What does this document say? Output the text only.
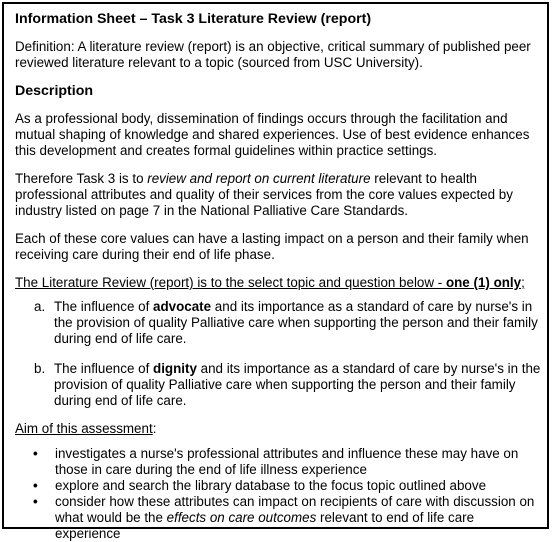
Information Sheet – Task 3 Literature Review (report)
Definition: A literature review (report) is an objective, critical summary of published peer reviewed literature relevant to a topic (sourced from USC University).
Description
As a professional body, dissemination of findings occurs through the facilitation and mutual shaping of knowledge and shared experiences. Use of best evidence enhances this development and creates formal guidelines within practice settings.
Therefore Task 3 is to review and report on current literature relevant to health professional attributes and quality of their services from the core values expected by industry listed on page 7 in the National Palliative Care Standards.
Each of these core values can have a lasting impact on a person and their family when receiving care during their end of life phase.
The Literature Review (report) is to the select topic and question below - one (1) only;
a. The influence of advocate and its importance as a standard of care by nurse's in the provision of quality Palliative care when supporting the person and their family during end of life care.
b. The influence of dignity and its importance as a standard of care by nurse's in the provision of quality Palliative care when supporting the person and their family during end of life care.
Aim of this assessment:
•	investigates a nurse's professional attributes and influence these may have on those in care during the end of life illness experience
•	explore and search the library database to the focus topic outlined above
•	consider how these attributes can impact on recipients of care with discussion on what would be the effects on care outcomes relevant to end of life care experience
